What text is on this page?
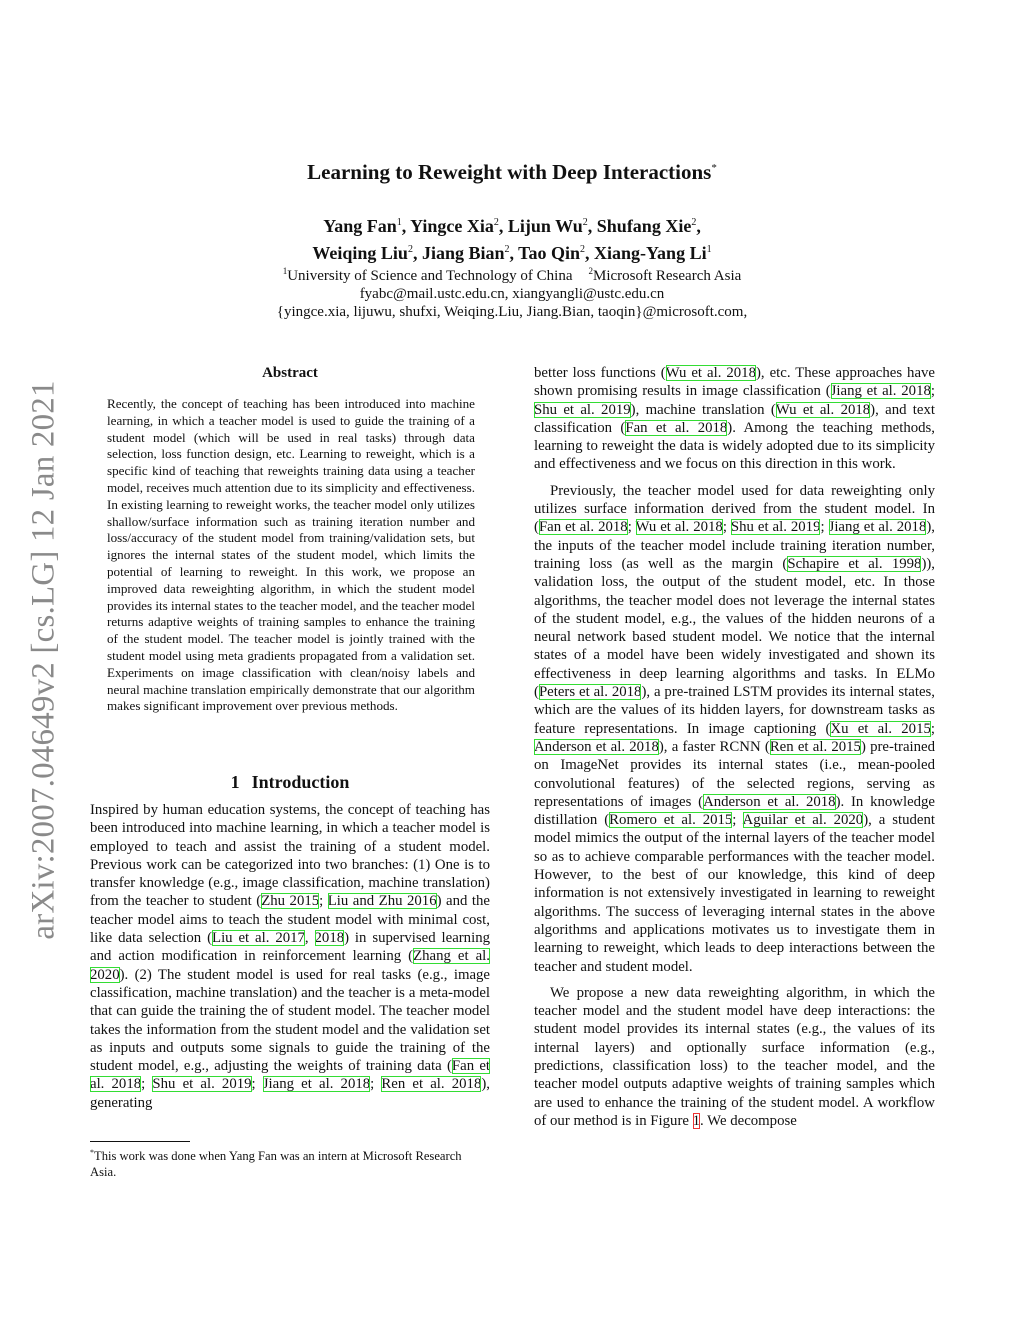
arXiv:2007.04649v2 [cs.LG] 12 Jan 2021
Learning to Reweight with Deep Interactions*
Yang Fan$^1$, Yingce Xia$^2$, Lijun Wu$^2$, Shufang Xie$^2$,
Weiqing Liu$^2$, Jiang Bian$^2$, Tao Qin$^2$, Xiang-Yang Li$^1$
$^1$University of Science and Technology of China $^2$Microsoft Research Asia
fyabc@mail.ustc.edu.cn, xiangyangli@ustc.edu.cn
{yingce.xia, lijuwu, shufxi, Weiqing.Liu, Jiang.Bian, taoqin}@microsoft.com,
Abstract
Recently, the concept of teaching has been introduced into machine learning, in which a teacher model is used to guide the training of a student model (which will be used in real tasks) through data selection, loss function design, etc. Learning to reweight, which is a specific kind of teaching that reweights training data using a teacher model, receives much attention due to its simplicity and effectiveness. In existing learning to reweight works, the teacher model only utilizes shallow/surface information such as training iteration number and loss/accuracy of the student model from training/validation sets, but ignores the internal states of the student model, which limits the potential of learning to reweight. In this work, we propose an improved data reweighting algorithm, in which the student model provides its internal states to the teacher model, and the teacher model returns adaptive weights of training samples to enhance the training of the student model. The teacher model is jointly trained with the student model using meta gradients propagated from a validation set. Experiments on image classification with clean/noisy labels and neural machine translation empirically demonstrate that our algorithm makes significant improvement over previous methods.
1 Introduction

Inspired by human education systems, the concept of teaching has been introduced into machine learning, in which a teacher model is employed to teach and assist the training of a student model. Previous work can be categorized into two branches: (1) One is to transfer knowledge (e.g., image classification, machine translation) from the teacher to student (Zhu 2015; Liu and Zhu 2016) and the teacher model aims to teach the student model with minimal cost, like data selection (Liu et al. 2017, 2018) in supervised learning and action modification in reinforcement learning (Zhang et al. 2020). (2) The student model is used for real tasks (e.g., image classification, machine translation) and the teacher is a meta-model that can guide the training the of student model. The teacher model takes the information from the student model and the validation set as inputs and outputs some signals to guide the training of the student model, e.g., adjusting the weights of training data (Fan et al. 2018; Shu et al. 2019; Jiang et al. 2018; Ren et al. 2018), generating

better loss functions (Wu et al. 2018), etc. These approaches have shown promising results in image classification (Jiang et al. 2018; Shu et al. 2019), machine translation (Wu et al. 2018), and text classification (Fan et al. 2018). Among the teaching methods, learning to reweight the data is widely adopted due to its simplicity and effectiveness and we focus on this direction in this work.

Previously, the teacher model used for data reweighting only utilizes surface information derived from the student model. In (Fan et al. 2018; Wu et al. 2018; Shu et al. 2019; Jiang et al. 2018), the inputs of the teacher model include training iteration number, training loss (as well as the margin (Schapire et al. 1998)), validation loss, the output of the student model, etc. In those algorithms, the teacher model does not leverage the internal states of the student model, e.g., the values of the hidden neurons of a neural network based student model. We notice that the internal states of a model have been widely investigated and shown its effectiveness in deep learning algorithms and tasks. In ELMo (Peters et al. 2018), a pre-trained LSTM provides its internal states, which are the values of its hidden layers, for downstream tasks as feature representations. In image captioning (Xu et al. 2015; Anderson et al. 2018), a faster RCNN (Ren et al. 2015) pre-trained on ImageNet provides its internal states (i.e., mean-pooled convolutional features) of the selected regions, serving as representations of images (Anderson et al. 2018). In knowledge distillation (Romero et al. 2015; Aguilar et al. 2020), a student model mimics the output of the internal layers of the teacher model so as to achieve comparable performances with the teacher model. However, to the best of our knowledge, this kind of deep information is not extensively investigated in learning to reweight algorithms. The success of leveraging internal states in the above algorithms and applications motivates us to investigate them in learning to reweight, which leads to deep interactions between the teacher and student model.

We propose a new data reweighting algorithm, in which the teacher model and the student model have deep interactions: the student model provides its internal states (e.g., the values of its internal layers) and optionally surface information (e.g., predictions, classification loss) to the teacher model, and the teacher model outputs adaptive weights of training samples which are used to enhance the training of the student model. A workflow of our method is in Figure 1. We decompose

*This work was done when Yang Fan was an intern at Microsoft Research Asia.
